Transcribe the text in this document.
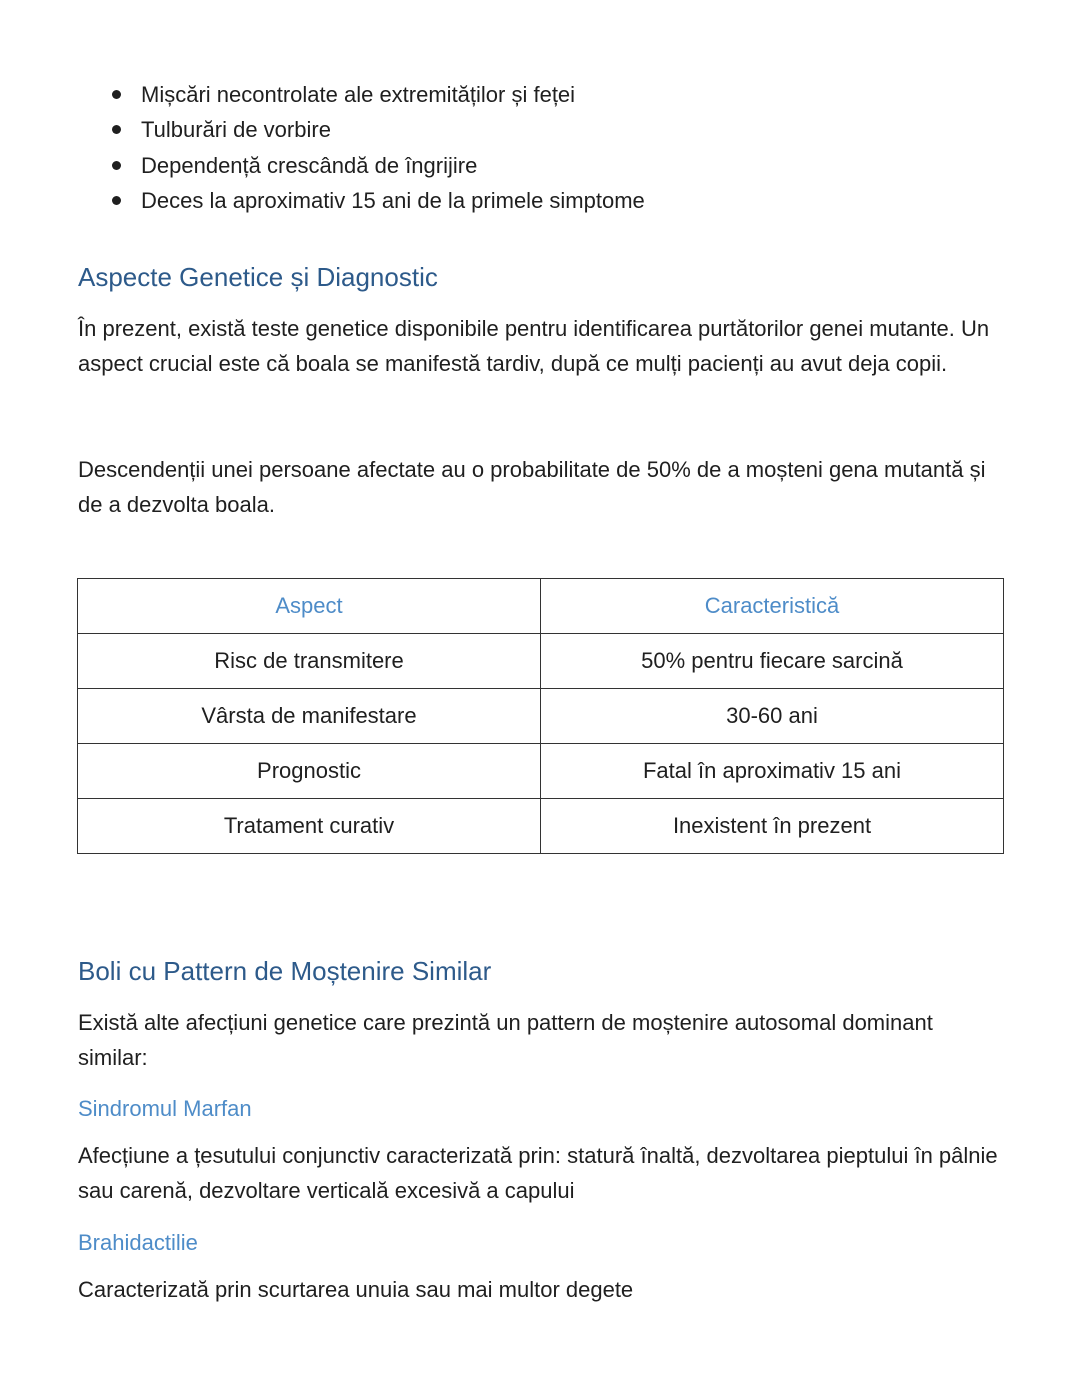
Mișcări necontrolate ale extremităților și feței
Tulburări de vorbire
Dependență crescândă de îngrijire
Deces la aproximativ 15 ani de la primele simptome
Aspecte Genetice și Diagnostic

În prezent, există teste genetice disponibile pentru identificarea purtătorilor genei mutante. Un aspect crucial este că boala se manifestă tardiv, după ce mulți pacienți au avut deja copii.

Descendenții unei persoane afectate au o probabilitate de 50% de a moșteni gena mutantă și de a dezvolta boala.

Aspect	Caracteristică
Risc de transmitere	50% pentru fiecare sarcină
Vârsta de manifestare	30-60 ani
Prognostic	Fatal în aproximativ 15 ani
Tratament curativ	Inexistent în prezent
Boli cu Pattern de Moștenire Similar

Există alte afecțiuni genetice care prezintă un pattern de moștenire autosomal dominant similar:

Sindromul Marfan

Afecțiune a țesutului conjunctiv caracterizată prin: statură înaltă, dezvoltarea pieptului în pâlnie sau carenă, dezvoltare verticală excesivă a capului

Brahidactilie

Caracterizată prin scurtarea unuia sau mai multor degete
